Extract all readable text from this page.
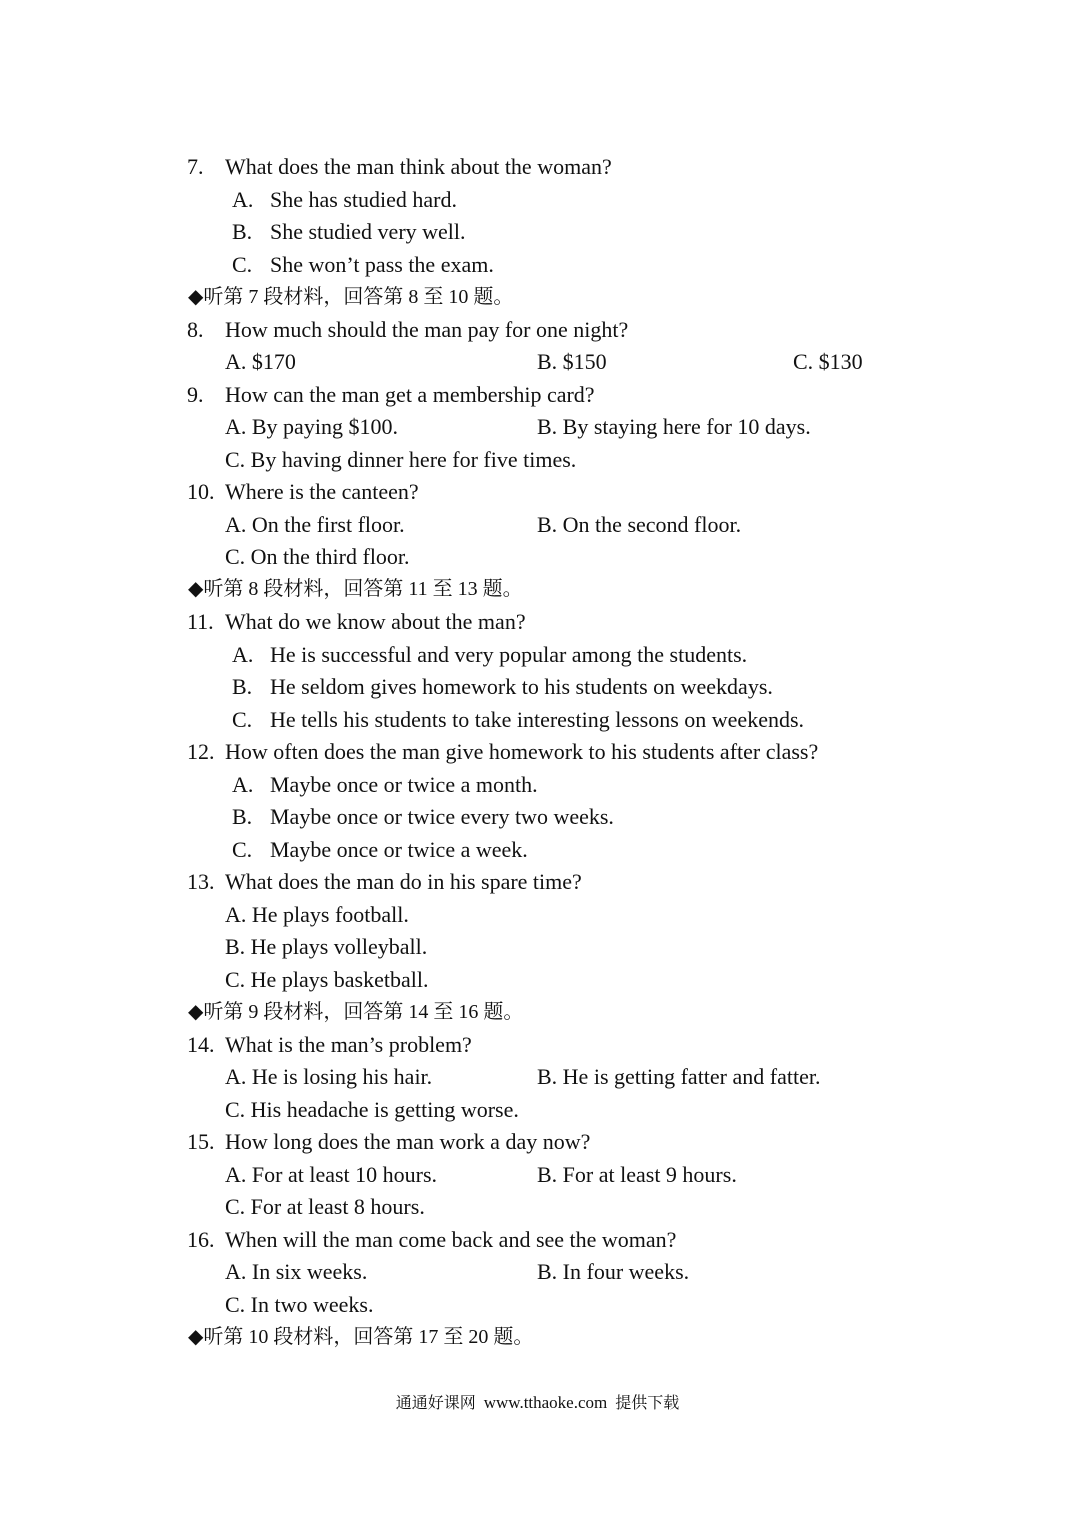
7. What does the man think about the woman?
A. She has studied hard.
B. She studied very well.
C. She won’t pass the exam.
◆听第 7 段材料，回答第 8 至 10 题。
8. How much should the man pay for one night?
A. $170	B. $150	C. $130
9. How can the man get a membership card?
A. By paying $100.	B. By staying here for 10 days.
C. By having dinner here for five times.
10. Where is the canteen?
A. On the first floor.	B. On the second floor.
C. On the third floor.
◆听第 8 段材料，回答第 11 至 13 题。
11. What do we know about the man?
A. He is successful and very popular among the students.
B. He seldom gives homework to his students on weekdays.
C. He tells his students to take interesting lessons on weekends.
12. How often does the man give homework to his students after class?
A. Maybe once or twice a month.
B. Maybe once or twice every two weeks.
C. Maybe once or twice a week.
13. What does the man do in his spare time?
A. He plays football.
B. He plays volleyball.
C. He plays basketball.
◆听第 9 段材料，回答第 14 至 16 题。
14. What is the man’s problem?
A. He is losing his hair.	B. He is getting fatter and fatter.
C. His headache is getting worse.
15. How long does the man work a day now?
A. For at least 10 hours.	B. For at least 9 hours.
C. For at least 8 hours.
16. When will the man come back and see the woman?
A. In six weeks.	B. In four weeks.
C. In two weeks.
◆听第 10 段材料，回答第 17 至 20 题。
通通好课网 www.tthaoke.com 提供下载
